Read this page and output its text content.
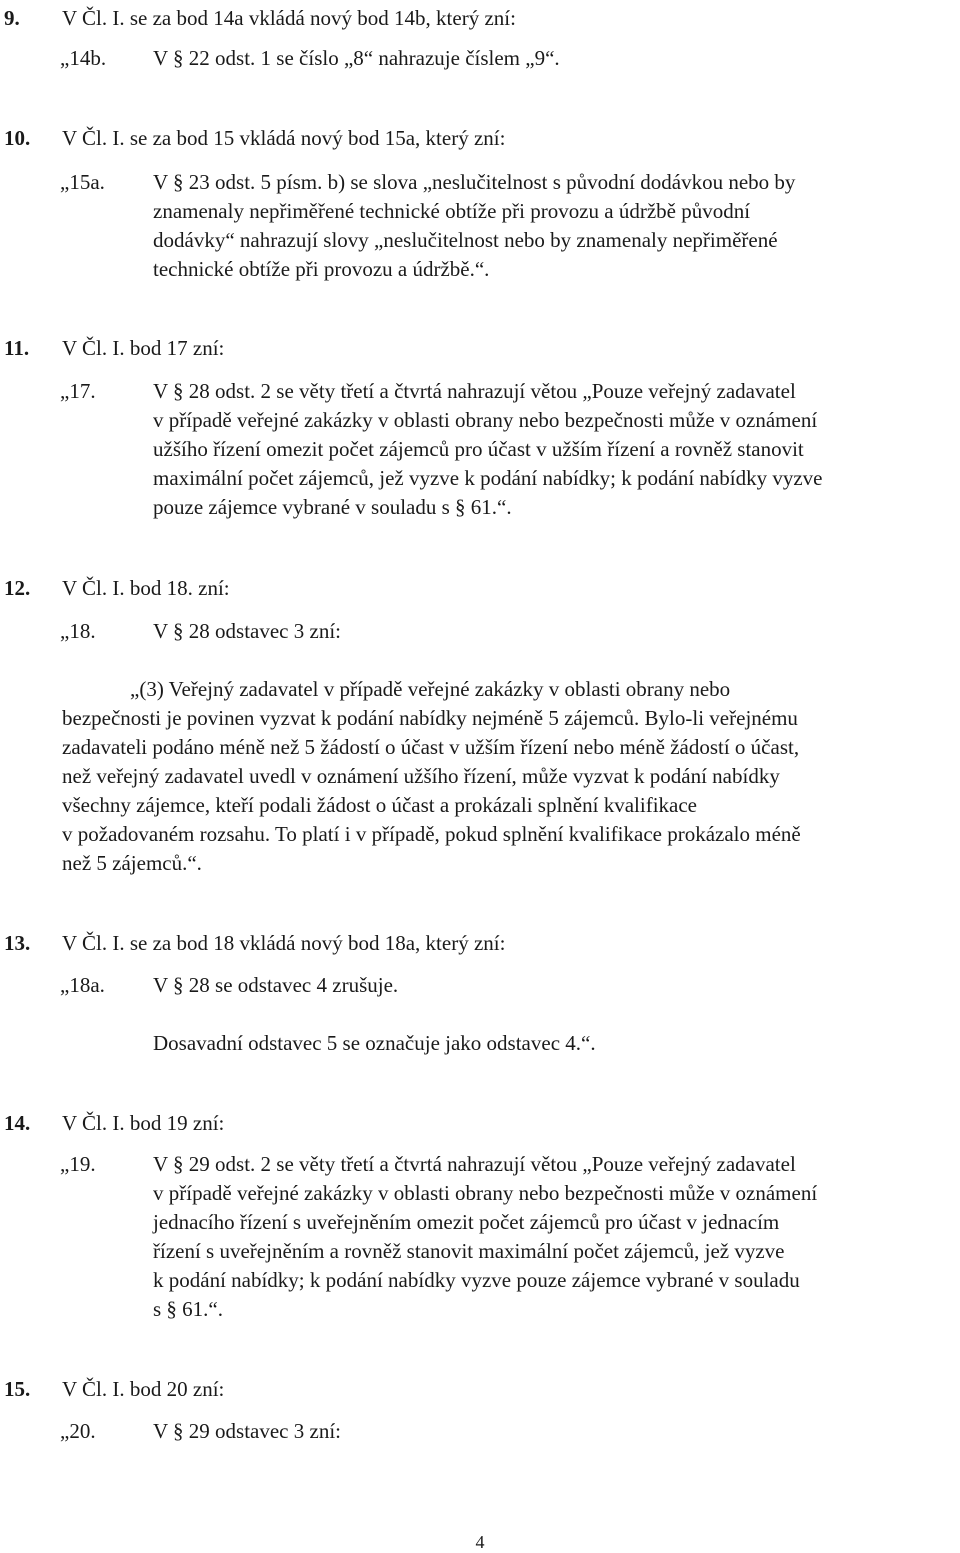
9. V Čl. I. se za bod 14a vkládá nový bod 14b, který zní:
„14b. V § 22 odst. 1 se číslo „8“ nahrazuje číslem „9“.
10. V Čl. I. se za bod 15 vkládá nový bod 15a, který zní:
„15a. V § 23 odst. 5 písm. b) se slova „neslučitelnost s původní dodávkou nebo by
znamenaly nepřiměřené technické obtíže při provozu a údržbě původní
dodávky“ nahrazují slovy „neslučitelnost nebo by znamenaly nepřiměřené
technické obtíže při provozu a údržbě.“.
11. V Čl. I. bod 17 zní:
„17.	V § 28 odst. 2 se věty třetí a čtvrtá nahrazují větou „Pouze veřejný zadavatel
v případě veřejné zakázky v oblasti obrany nebo bezpečnosti může v oznámení
užšího řízení omezit počet zájemců pro účast v užším řízení a rovněž stanovit
maximální počet zájemců, jež vyzve k podání nabídky; k podání nabídky vyzve
pouze zájemce vybrané v souladu s § 61.“.
12. V Čl. I. bod 18. zní:
„18.	V § 28 odstavec 3 zní:
„(3) Veřejný zadavatel v případě veřejné zakázky v oblasti obrany nebo
bezpečnosti je povinen vyzvat k podání nabídky nejméně 5 zájemců. Bylo-li veřejnému
zadavateli podáno méně než 5 žádostí o účast v užším řízení nebo méně žádostí o účast,
než veřejný zadavatel uvedl v oznámení užšího řízení, může vyzvat k podání nabídky
všechny zájemce, kteří podali žádost o účast a prokázali splnění kvalifikace
v požadovaném rozsahu. To platí i v případě, pokud splnění kvalifikace prokázalo méně
než 5 zájemců.“.
13. V Čl. I. se za bod 18 vkládá nový bod 18a, který zní:
„18a. V § 28 se odstavec 4 zrušuje.
Dosavadní odstavec 5 se označuje jako odstavec 4.“.
14. V Čl. I. bod 19 zní:
„19.	V § 29 odst. 2 se věty třetí a čtvrtá nahrazují větou „Pouze veřejný zadavatel
v případě veřejné zakázky v oblasti obrany nebo bezpečnosti může v oznámení
jednacího řízení s uveřejněním omezit počet zájemců pro účast v jednacím
řízení s uveřejněním a rovněž stanovit maximální počet zájemců, jež vyzve
k podání nabídky; k podání nabídky vyzve pouze zájemce vybrané v souladu
s § 61.“.
15. V Čl. I. bod 20 zní:
„20.	V § 29 odstavec 3 zní:
4
